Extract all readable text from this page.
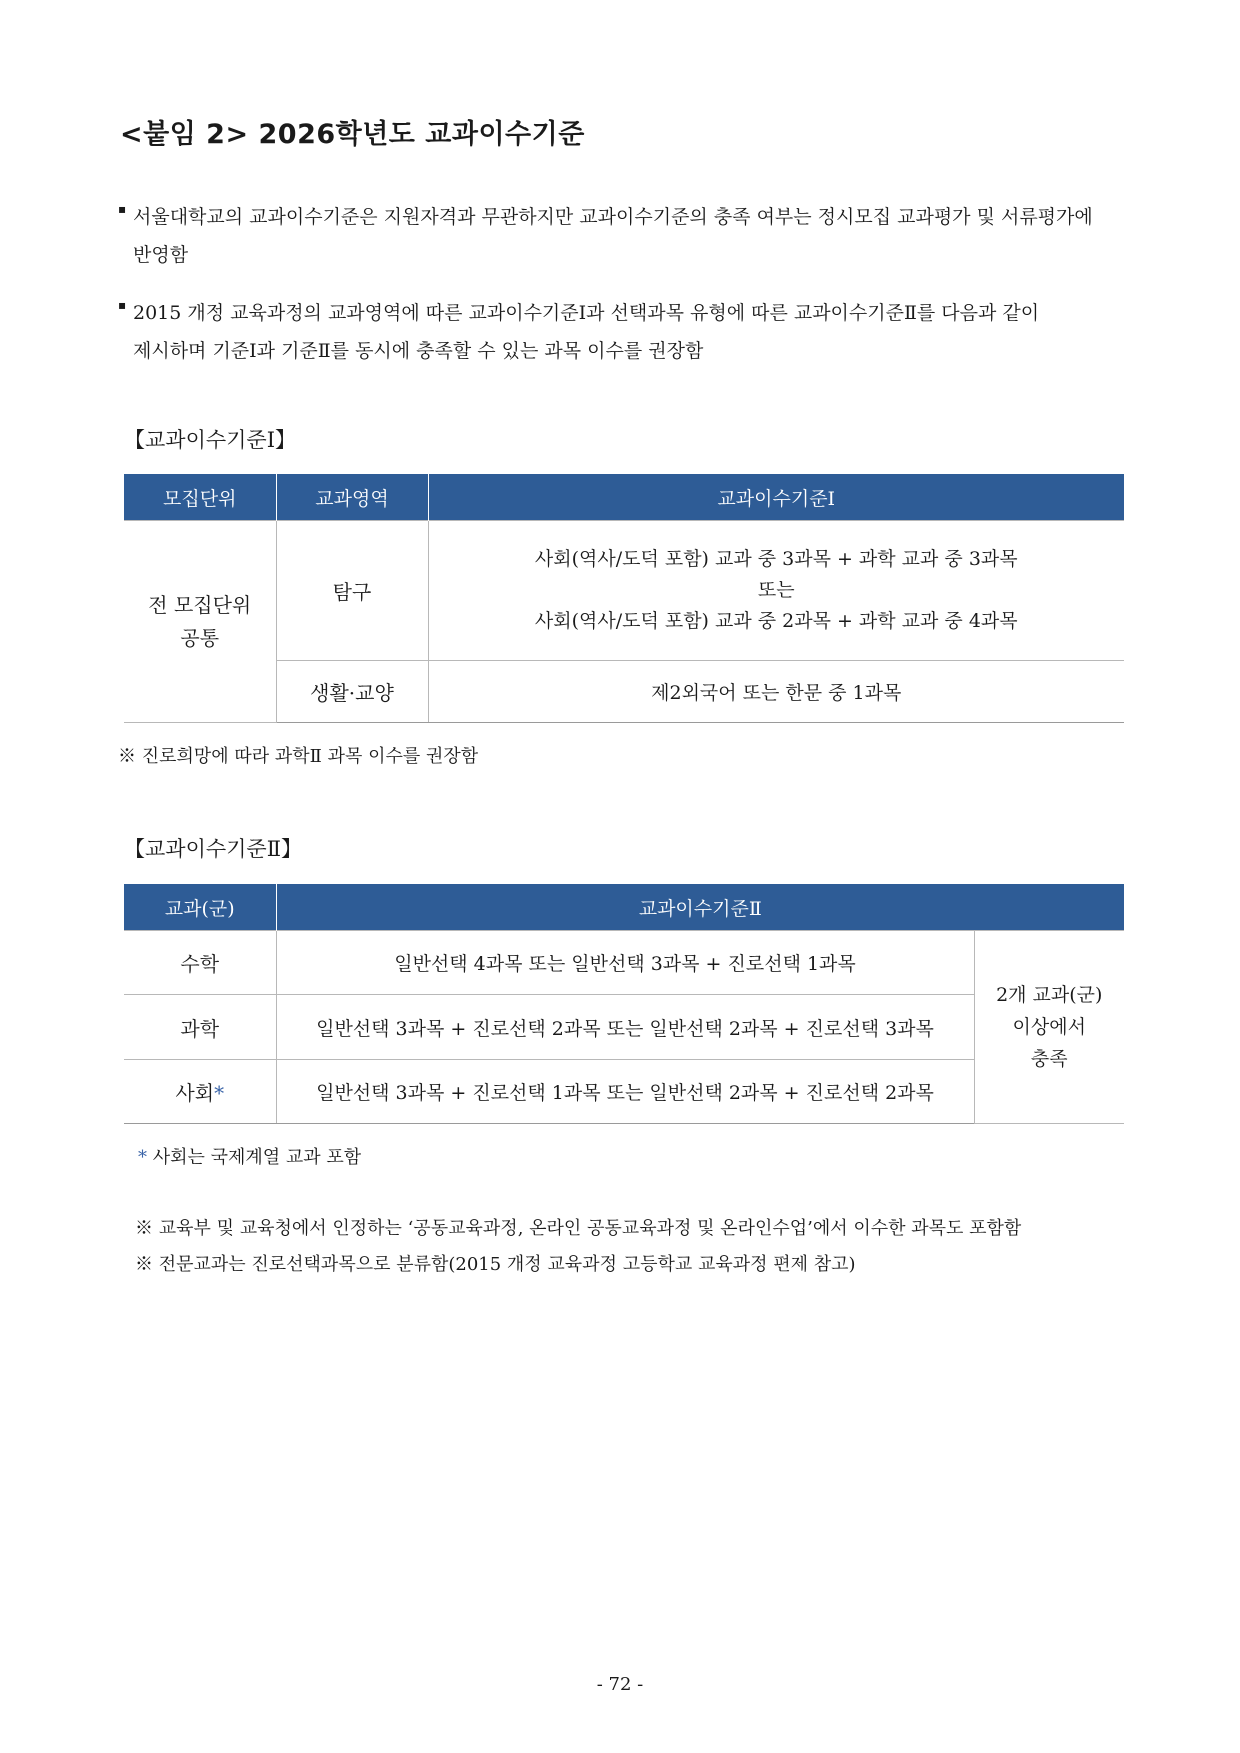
<붙임 2> 2026학년도 교과이수기준
▪ 서울대학교의 교과이수기준은 지원자격과 무관하지만 교과이수기준의 충족 여부는 정시모집 교과평가 및 서류평가에
반영함
▪ 2015 개정 교육과정의 교과영역에 따른 교과이수기준Ⅰ과 선택과목 유형에 따른 교과이수기준Ⅱ를 다음과 같이
제시하며 기준Ⅰ과 기준Ⅱ를 동시에 충족할 수 있는 과목 이수를 권장함
【교과이수기준Ⅰ】
모집단위	교과영역	교과이수기준Ⅰ

전 모집단위
공통	탐구	사회(역사/도덕 포함) 교과 중 3과목 + 과학 교과 중 3과목
또는
사회(역사/도덕 포함) 교과 중 2과목 + 과학 교과 중 4과목

	생활·교양	제2외국어 또는 한문 중 1과목
※ 진로희망에 따라 과학Ⅱ 과목 이수를 권장함
【교과이수기준Ⅱ】
교과(군)	교과이수기준Ⅱ	
수학	일반선택 4과목 또는 일반선택 3과목 + 진로선택 1과목	2개 교과(군)
이상에서
충족

과학	일반선택 3과목 + 진로선택 2과목 또는 일반선택 2과목 + 진로선택 3과목	
사회*	일반선택 3과목 + 진로선택 1과목 또는 일반선택 2과목 + 진로선택 2과목	
* 사회는 국제계열 교과 포함
※ 교육부 및 교육청에서 인정하는 ‘공동교육과정, 온라인 공동교육과정 및 온라인수업’에서 이수한 과목도 포함함
※ 전문교과는 진로선택과목으로 분류함(2015 개정 교육과정 고등학교 교육과정 편제 참고)
- 72 -
